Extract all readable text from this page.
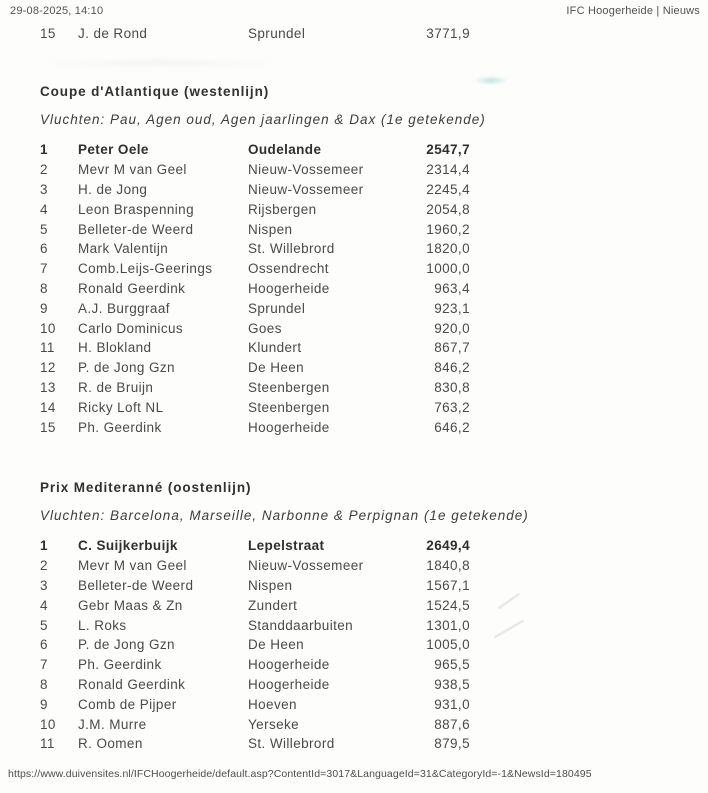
29-08-2025, 14:10	IFC Hoogerheide | Nieuws
15	J. de Rond	Sprundel	3771,9
Coupe d'Atlantique (westenlijn)

Vluchten: Pau, Agen oud, Agen jaarlingen & Dax (1e getekende)

1	Peter Oele	Oudelande	2547,7
2	Mevr M van Geel	Nieuw-Vossemeer	2314,4
3	H. de Jong	Nieuw-Vossemeer	2245,4
4	Leon Braspenning	Rijsbergen	2054,8
5	Belleter-de Weerd	Nispen	1960,2
6	Mark Valentijn	St. Willebrord	1820,0
7	Comb.Leijs-Geerings	Ossendrecht	1000,0
8	Ronald Geerdink	Hoogerheide	963,4
9	A.J. Burggraaf	Sprundel	923,1
10	Carlo Dominicus	Goes	920,0
11	H. Blokland	Klundert	867,7
12	P. de Jong Gzn	De Heen	846,2
13	R. de Bruijn	Steenbergen	830,8
14	Ricky Loft NL	Steenbergen	763,2
15	Ph. Geerdink	Hoogerheide	646,2
Prix Mediteranné (oostenlijn)

Vluchten: Barcelona, Marseille, Narbonne & Perpignan (1e getekende)

1	C. Suijkerbuijk	Lepelstraat	2649,4
2	Mevr M van Geel	Nieuw-Vossemeer	1840,8
3	Belleter-de Weerd	Nispen	1567,1
4	Gebr Maas & Zn	Zundert	1524,5
5	L. Roks	Standdaarbuiten	1301,0
6	P. de Jong Gzn	De Heen	1005,0
7	Ph. Geerdink	Hoogerheide	965,5
8	Ronald Geerdink	Hoogerheide	938,5
9	Comb de Pijper	Hoeven	931,0
10	J.M. Murre	Yerseke	887,6
11	R. Oomen	St. Willebrord	879,5
https://www.duivensites.nl/IFCHoogerheide/default.asp?ContentId=3017&LanguageId=31&CategoryId=-1&NewsId=180495
